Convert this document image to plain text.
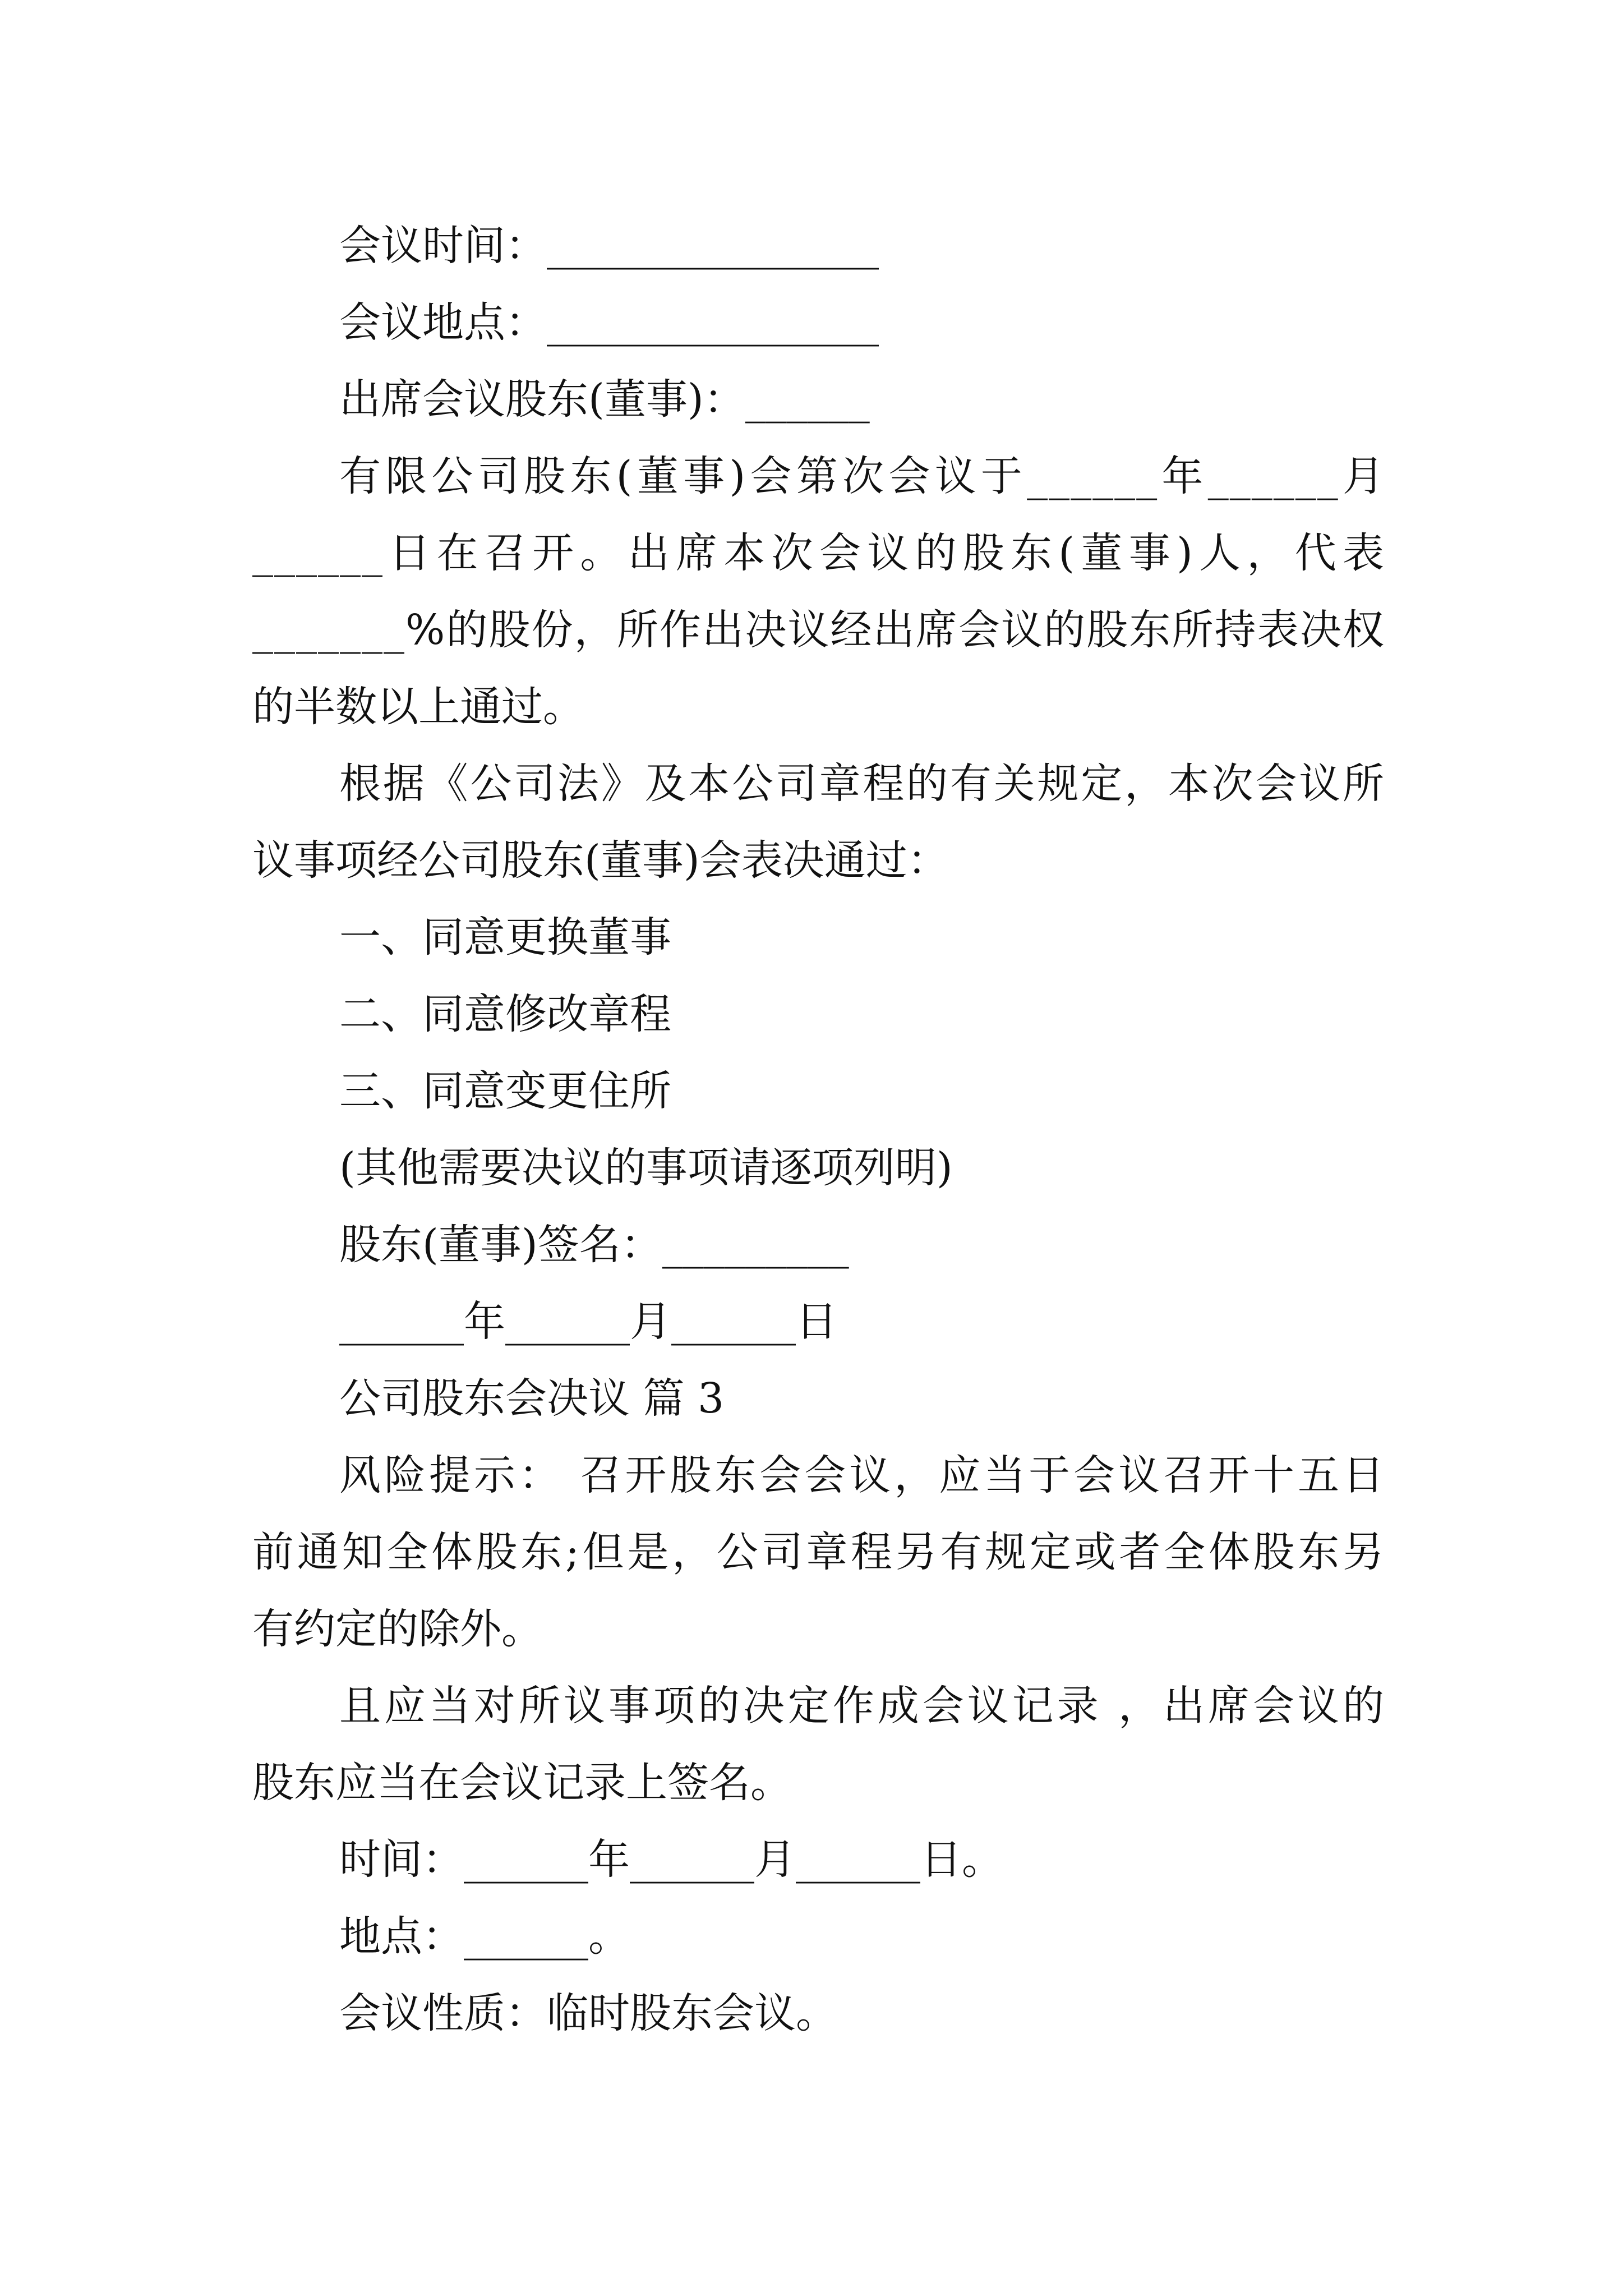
会议时间：________________
会议地点：________________
出席会议股东(董事)：______
有限公司股东(董事)会第次会议于______年______月
______日在召开。出席本次会议的股东(董事)人，代表
_______%的股份，所作出决议经出席会议的股东所持表决权
的半数以上通过。
根据《公司法》及本公司章程的有关规定，本次会议所
议事项经公司股东(董事)会表决通过：
一、同意更换董事
二、同意修改章程
三、同意变更住所
(其他需要决议的事项请逐项列明)
股东(董事)签名：_________
______年______月______日
公司股东会决议 篇 3
风险提示： 召开股东会会议，应当于会议召开十五日
前通知全体股东;但是，公司章程另有规定或者全体股东另
有约定的除外。
且应当对所议事项的决定作成会议记录 ，出席会议的
股东应当在会议记录上签名。
时间：______年______月______日。
地点：______。
会议性质：临时股东会议。
